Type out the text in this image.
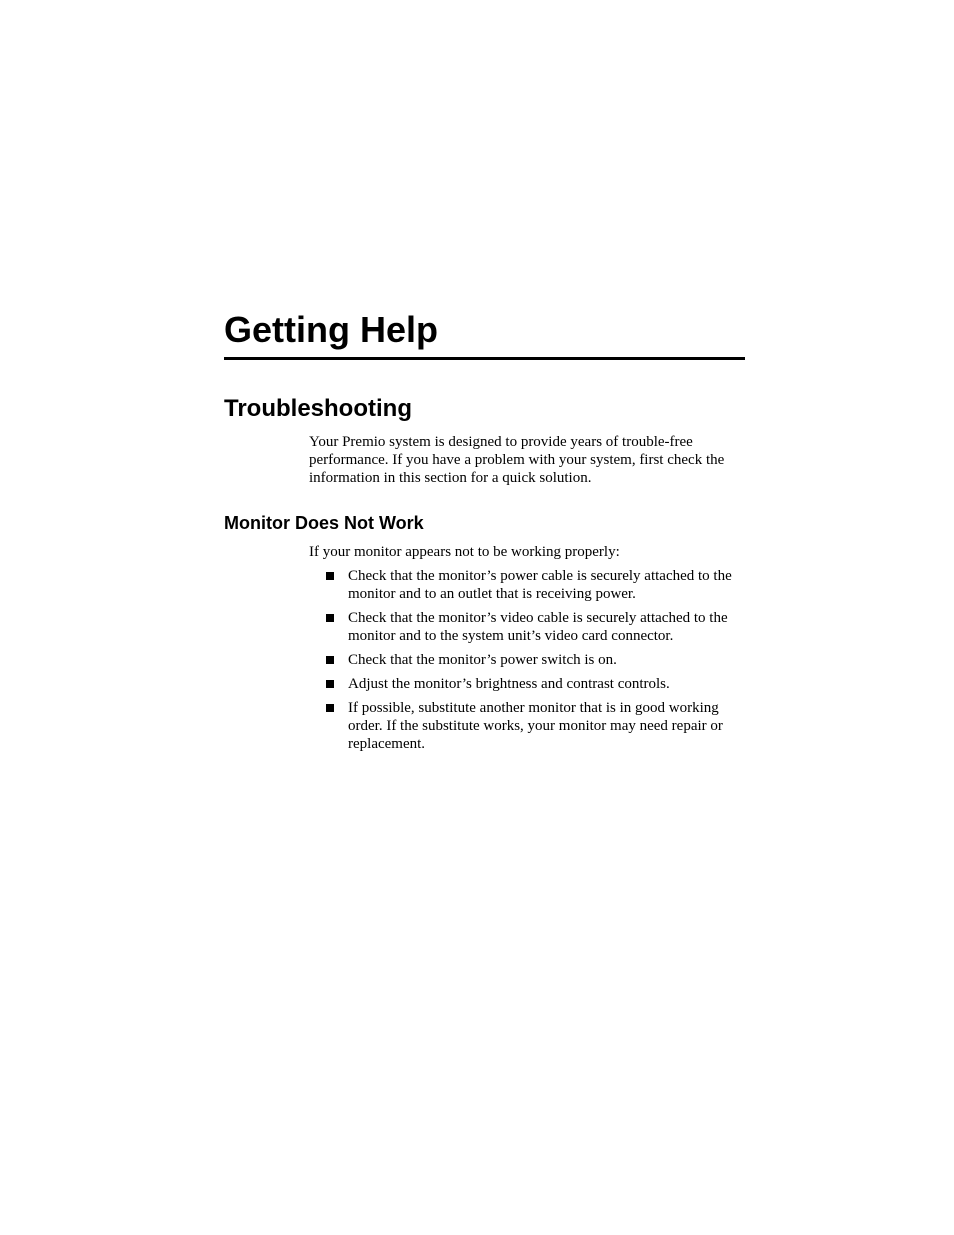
Getting Help
Troubleshooting

Your Premio system is designed to provide years of trouble-free performance. If you have a problem with your system, first check the information in this section for a quick solution.

Monitor Does Not Work

If your monitor appears not to be working properly:

Check that the monitor’s power cable is securely attached to the monitor and to an outlet that is receiving power.
Check that the monitor’s video cable is securely attached to the monitor and to the system unit’s video card connector.
Check that the monitor’s power switch is on.
Adjust the monitor’s brightness and contrast controls.
If possible, substitute another monitor that is in good working order. If the substitute works, your monitor may need repair or replacement.
